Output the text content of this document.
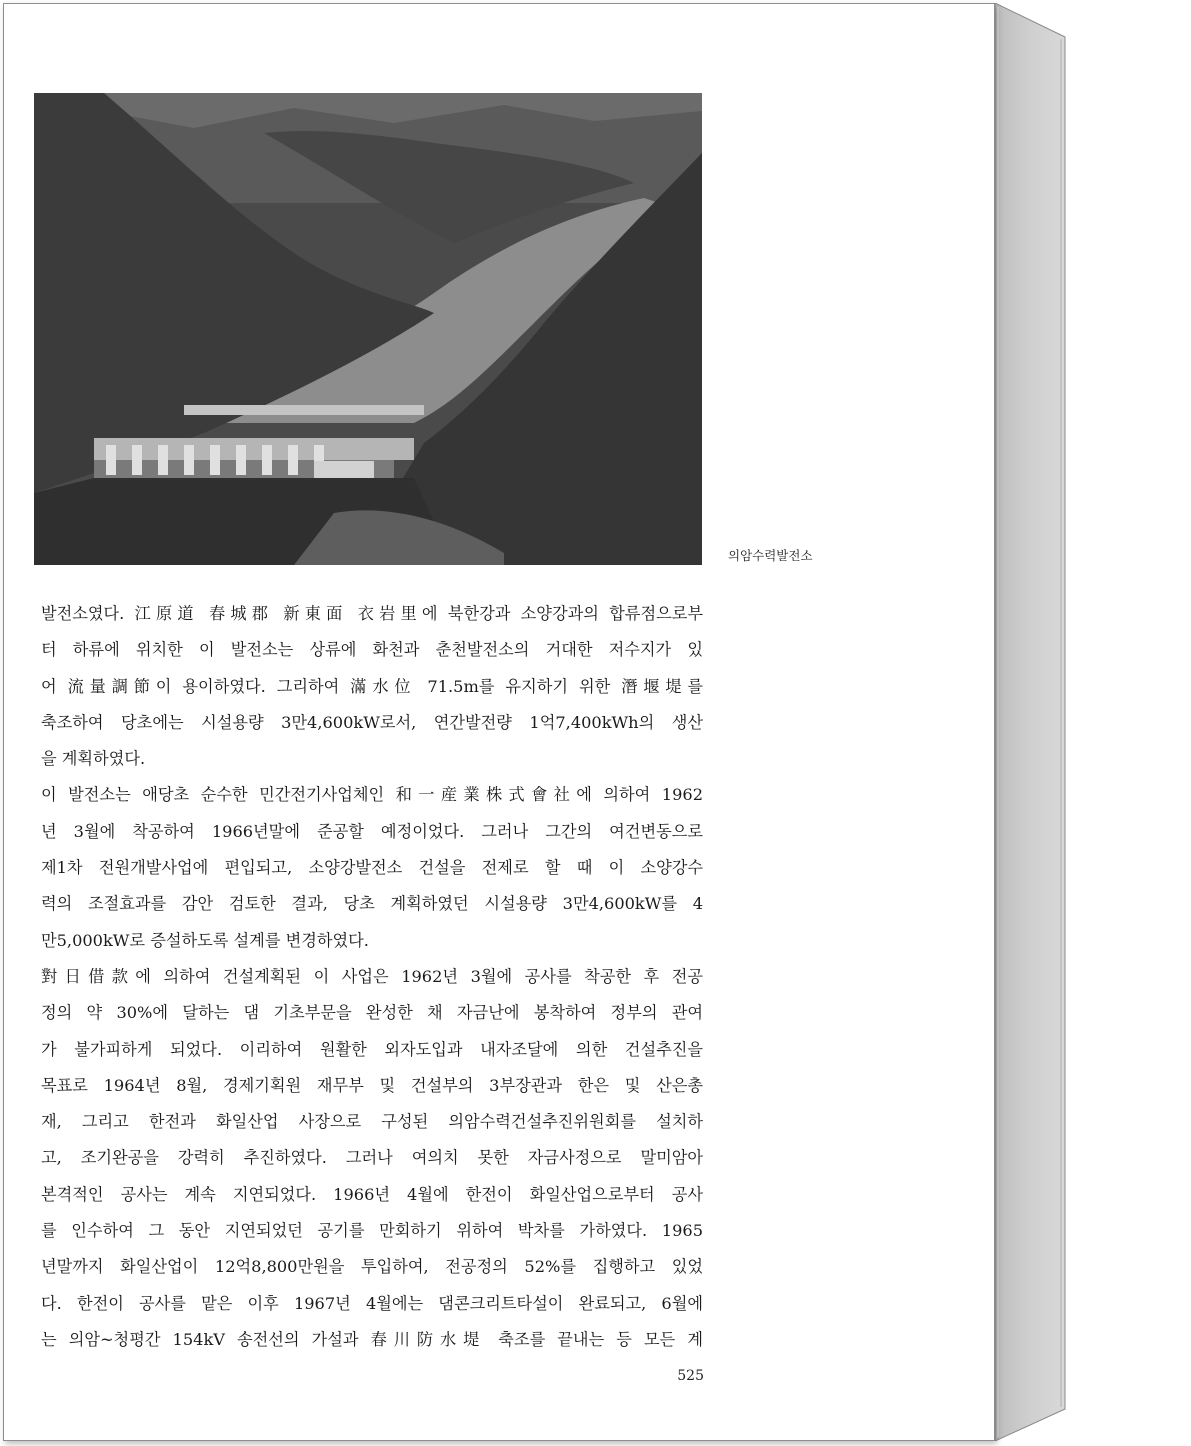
의암수력발전소
발전소였다. 江原道 春城郡 新東面 衣岩里에 북한강과 소양강과의 합류점으로부
터 하류에 위치한 이 발전소는 상류에 화천과 춘천발전소의 거대한 저수지가 있
어 流量調節이 용이하였다. 그리하여 滿水位 71.5m를 유지하기 위한 潛堰堤를
축조하여 당초에는 시설용량 3만4,600kW로서, 연간발전량 1억7,400kWh의 생산
을 계획하였다.
이 발전소는 애당초 순수한 민간전기사업체인 和一産業株式會社에 의하여 1962
년 3월에 착공하여 1966년말에 준공할 예정이었다. 그러나 그간의 여건변동으로
제1차 전원개발사업에 편입되고, 소양강발전소 건설을 전제로 할 때 이 소양강수
력의 조절효과를 감안 검토한 결과, 당초 계획하였던 시설용량 3만4,600kW를 4
만5,000kW로 증설하도록 설계를 변경하였다.
對日借款에 의하여 건설계획된 이 사업은 1962년 3월에 공사를 착공한 후 전공
정의 약 30%에 달하는 댐 기초부문을 완성한 채 자금난에 봉착하여 정부의 관여
가 불가피하게 되었다. 이리하여 원활한 외자도입과 내자조달에 의한 건설추진을
목표로 1964년 8월, 경제기획원 재무부 및 건설부의 3부장관과 한은 및 산은총
재, 그리고 한전과 화일산업 사장으로 구성된 의암수력건설추진위원회를 설치하
고, 조기완공을 강력히 추진하였다. 그러나 여의치 못한 자금사정으로 말미암아
본격적인 공사는 계속 지연되었다. 1966년 4월에 한전이 화일산업으로부터 공사
를 인수하여 그 동안 지연되었던 공기를 만회하기 위하여 박차를 가하였다. 1965
년말까지 화일산업이 12억8,800만원을 투입하여, 전공정의 52%를 집행하고 있었
다. 한전이 공사를 맡은 이후 1967년 4월에는 댐콘크리트타설이 완료되고, 6월에
는 의암~청평간 154kV 송전선의 가설과 春川防水堤 축조를 끝내는 등 모든 계
525
